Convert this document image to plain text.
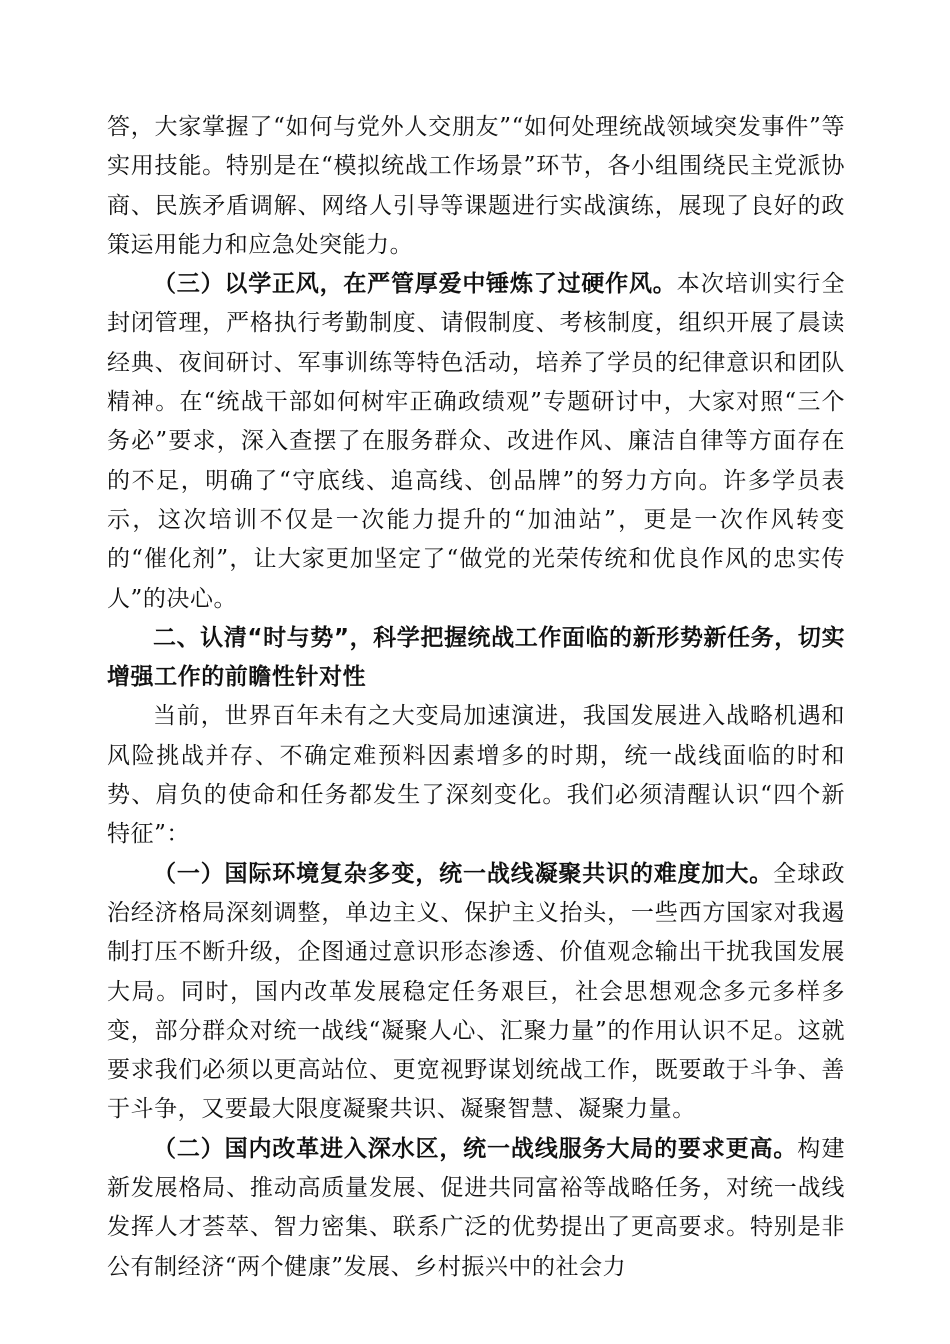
答，大家掌握了“如何与党外人交朋友”“如何处理统战领域突发事件”等实用技能。特别是在“模拟统战工作场景”环节，各小组围绕民主党派协商、民族矛盾调解、网络人引导等课题进行实战演练，展现了良好的政策运用能力和应急处突能力。

（三）以学正风，在严管厚爱中锤炼了过硬作风。本次培训实行全封闭管理，严格执行考勤制度、请假制度、考核制度，组织开展了晨读经典、夜间研讨、军事训练等特色活动，培养了学员的纪律意识和团队精神。在“统战干部如何树牢正确政绩观”专题研讨中，大家对照“三个务必”要求，深入查摆了在服务群众、改进作风、廉洁自律等方面存在的不足，明确了“守底线、追高线、创品牌”的努力方向。许多学员表示，这次培训不仅是一次能力提升的“加油站”，更是一次作风转变的“催化剂”，让大家更加坚定了“做党的光荣传统和优良作风的忠实传人”的决心。

二、认清“时与势”，科学把握统战工作面临的新形势新任务，切实增强工作的前瞻性针对性

当前，世界百年未有之大变局加速演进，我国发展进入战略机遇和风险挑战并存、不确定难预料因素增多的时期，统一战线面临的时和势、肩负的使命和任务都发生了深刻变化。我们必须清醒认识“四个新特征”：

（一）国际环境复杂多变，统一战线凝聚共识的难度加大。全球政治经济格局深刻调整，单边主义、保护主义抬头，一些西方国家对我遏制打压不断升级，企图通过意识形态渗透、价值观念输出干扰我国发展大局。同时，国内改革发展稳定任务艰巨，社会思想观念多元多样多变，部分群众对统一战线“凝聚人心、汇聚力量”的作用认识不足。这就要求我们必须以更高站位、更宽视野谋划统战工作，既要敢于斗争、善于斗争，又要最大限度凝聚共识、凝聚智慧、凝聚力量。

（二）国内改革进入深水区，统一战线服务大局的要求更高。构建新发展格局、推动高质量发展、促进共同富裕等战略任务，对统一战线发挥人才荟萃、智力密集、联系广泛的优势提出了更高要求。特别是非公有制经济“两个健康”发展、乡村振兴中的社会力
